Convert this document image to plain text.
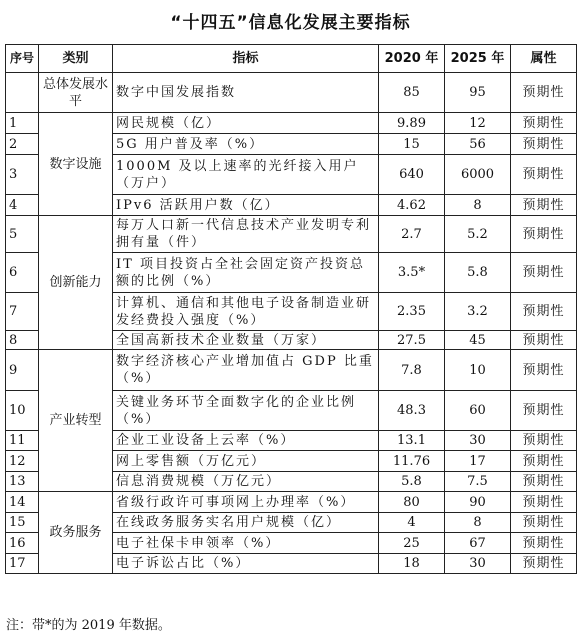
“十四五”信息化发展主要指标
序号	类别	指标	2020 年	2025 年	属性
	总体发展水平	数字中国发展指数	85	95	预期性
1	数字设施	网民规模（亿）	9.89	12	预期性
2		5G 用户普及率（%）	15	56	预期性
3		1000M 及以上速率的光纤接入用户（万户）	640	6000	预期性
4		IPv6 活跃用户数（亿）	4.62	8	预期性
5	创新能力	每万人口新一代信息技术产业发明专利拥有量（件）	2.7	5.2	预期性
6		IT 项目投资占全社会固定资产投资总额的比例（%）	3.5*	5.8	预期性
7		计算机、通信和其他电子设备制造业研发经费投入强度（%）	2.35	3.2	预期性
8		全国高新技术企业数量（万家）	27.5	45	预期性
9	产业转型	数字经济核心产业增加值占 GDP 比重（%）	7.8	10	预期性
10		关键业务环节全面数字化的企业比例（%）	48.3	60	预期性
11		企业工业设备上云率（%）	13.1	30	预期性
12		网上零售额（万亿元）	11.76	17	预期性
13		信息消费规模（万亿元）	5.8	7.5	预期性
14	政务服务	省级行政许可事项网上办理率（%）	80	90	预期性
15		在线政务服务实名用户规模（亿）	4	8	预期性
16		电子社保卡申领率（%）	25	67	预期性
17		电子诉讼占比（%）	18	30	预期性
注：带*的为 2019 年数据。
